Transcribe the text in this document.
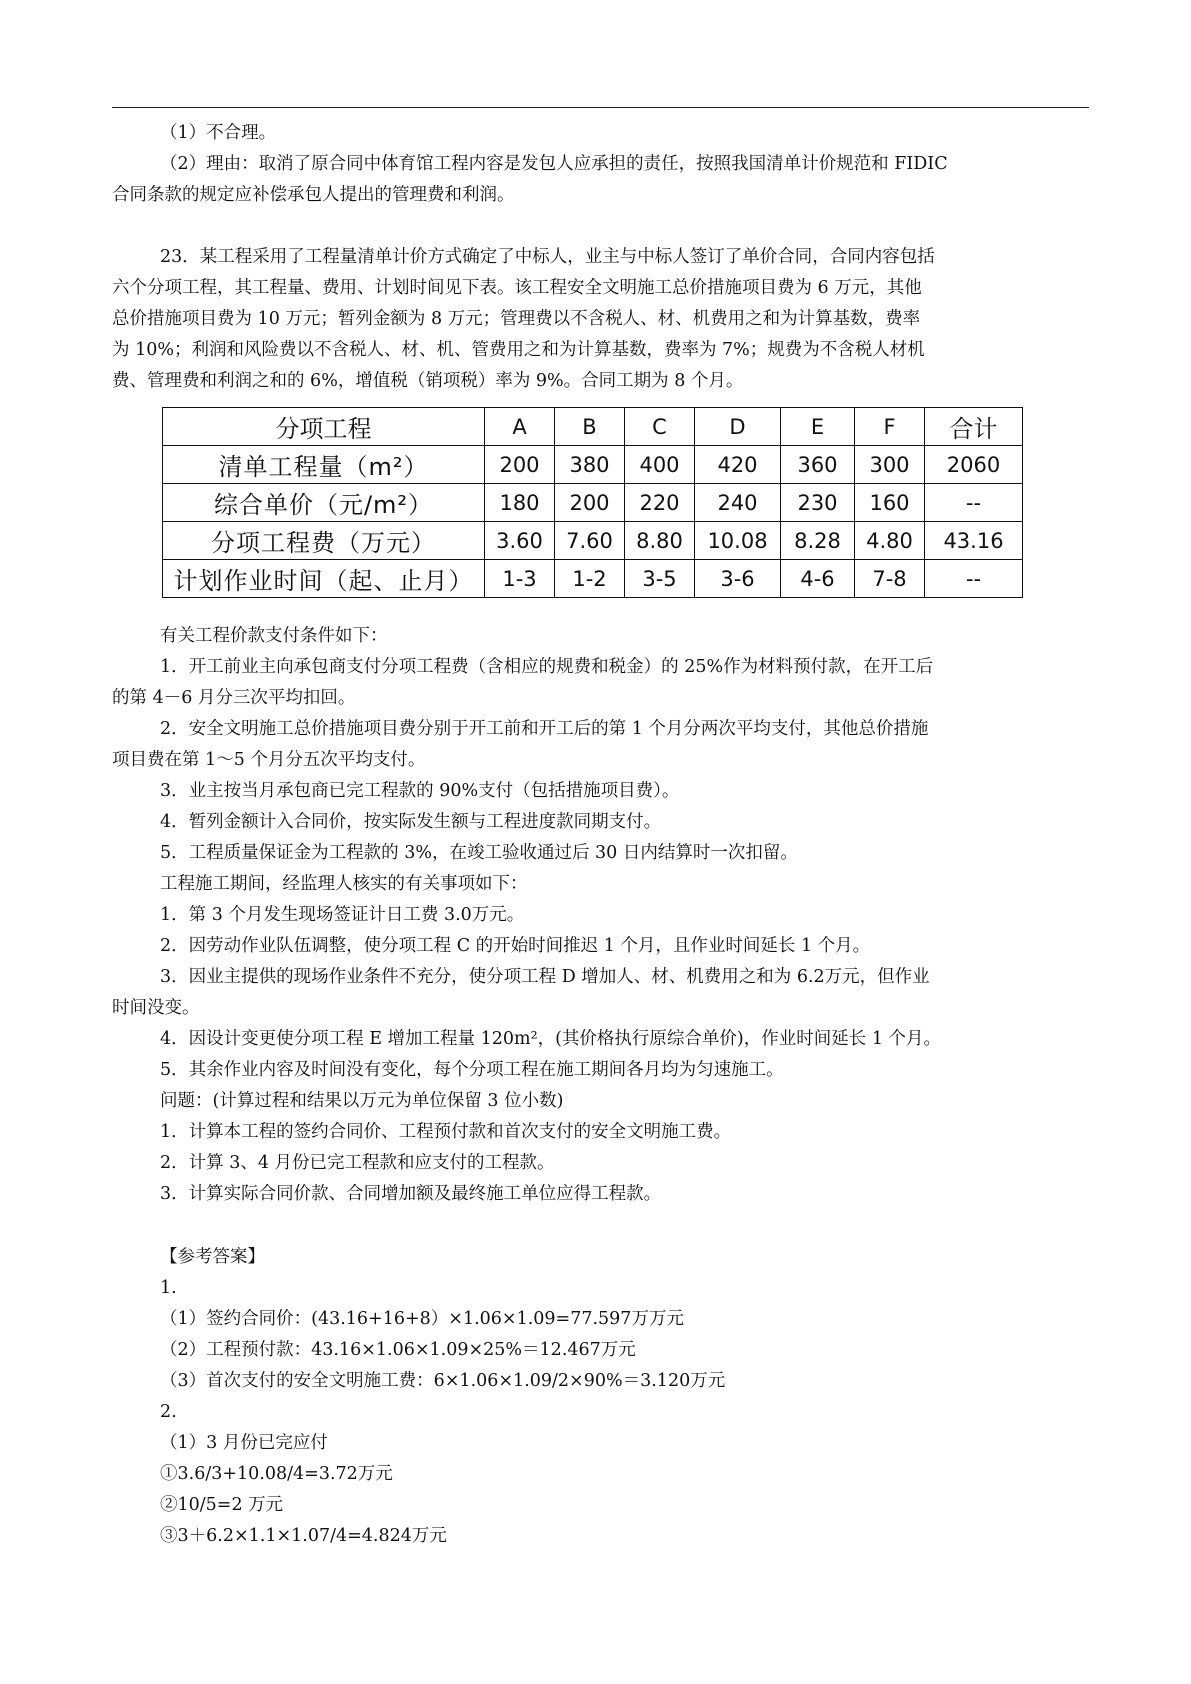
（1）不合理。

（2）理由：取消了原合同中体育馆工程内容是发包人应承担的责任，按照我国清单计价规范和 FIDIC

合同条款的规定应补偿承包人提出的管理费和利润。

23．某工程采用了工程量清单计价方式确定了中标人，业主与中标人签订了单价合同，合同内容包括

六个分项工程，其工程量、费用、计划时间见下表。该工程安全文明施工总价措施项目费为 6 万元，其他

总价措施项目费为 10 万元；暂列金额为 8 万元；管理费以不含税人、材、机费用之和为计算基数，费率

为 10%；利润和风险费以不含税人、材、机、管费用之和为计算基数，费率为 7%；规费为不含税人材机

费、管理费和利润之和的 6%，增值税（销项税）率为 9%。合同工期为 8 个月。

分项工程	A	B	C	D	E	F	合计
清单工程量（m²）	200	380	400	420	360	300	2060
综合单价（元/m²）	180	200	220	240	230	160	--
分项工程费（万元）	3.60	7.60	8.80	10.08	8.28	4.80	43.16
计划作业时间（起、止月）	1-3	1-2	3-5	3-6	4-6	7-8	--

有关工程价款支付条件如下：

1．开工前业主向承包商支付分项工程费（含相应的规费和税金）的 25%作为材料预付款，在开工后

的第 4－6 月分三次平均扣回。

2．安全文明施工总价措施项目费分别于开工前和开工后的第 1 个月分两次平均支付，其他总价措施

项目费在第 1～5 个月分五次平均支付。

3．业主按当月承包商已完工程款的 90%支付（包括措施项目费）。

4．暂列金额计入合同价，按实际发生额与工程进度款同期支付。

5．工程质量保证金为工程款的 3%，在竣工验收通过后 30 日内结算时一次扣留。

工程施工期间，经监理人核实的有关事项如下：

1．第 3 个月发生现场签证计日工费 3.0万元。

2．因劳动作业队伍调整，使分项工程 C 的开始时间推迟 1 个月，且作业时间延长 1 个月。

3．因业主提供的现场作业条件不充分，使分项工程 D 增加人、材、机费用之和为 6.2万元，但作业

时间没变。

4．因设计变更使分项工程 E 增加工程量 120m²，(其价格执行原综合单价)，作业时间延长 1 个月。

5．其余作业内容及时间没有变化，每个分项工程在施工期间各月均为匀速施工。

问题：(计算过程和结果以万元为单位保留 3 位小数)

1．计算本工程的签约合同价、工程预付款和首次支付的安全文明施工费。

2．计算 3、4 月份已完工程款和应支付的工程款。

3．计算实际合同价款、合同增加额及最终施工单位应得工程款。

【参考答案】

1.

（1）签约合同价：(43.16+16+8）×1.06×1.09=77.597万万元

（2）工程预付款：43.16×1.06×1.09×25%＝12.467万元

（3）首次支付的安全文明施工费：6×1.06×1.09/2×90%＝3.120万元

2.

（1）3 月份已完应付

①3.6/3+10.08/4=3.72万元

②10/5=2 万元

③3＋6.2×1.1×1.07/4=4.824万元
